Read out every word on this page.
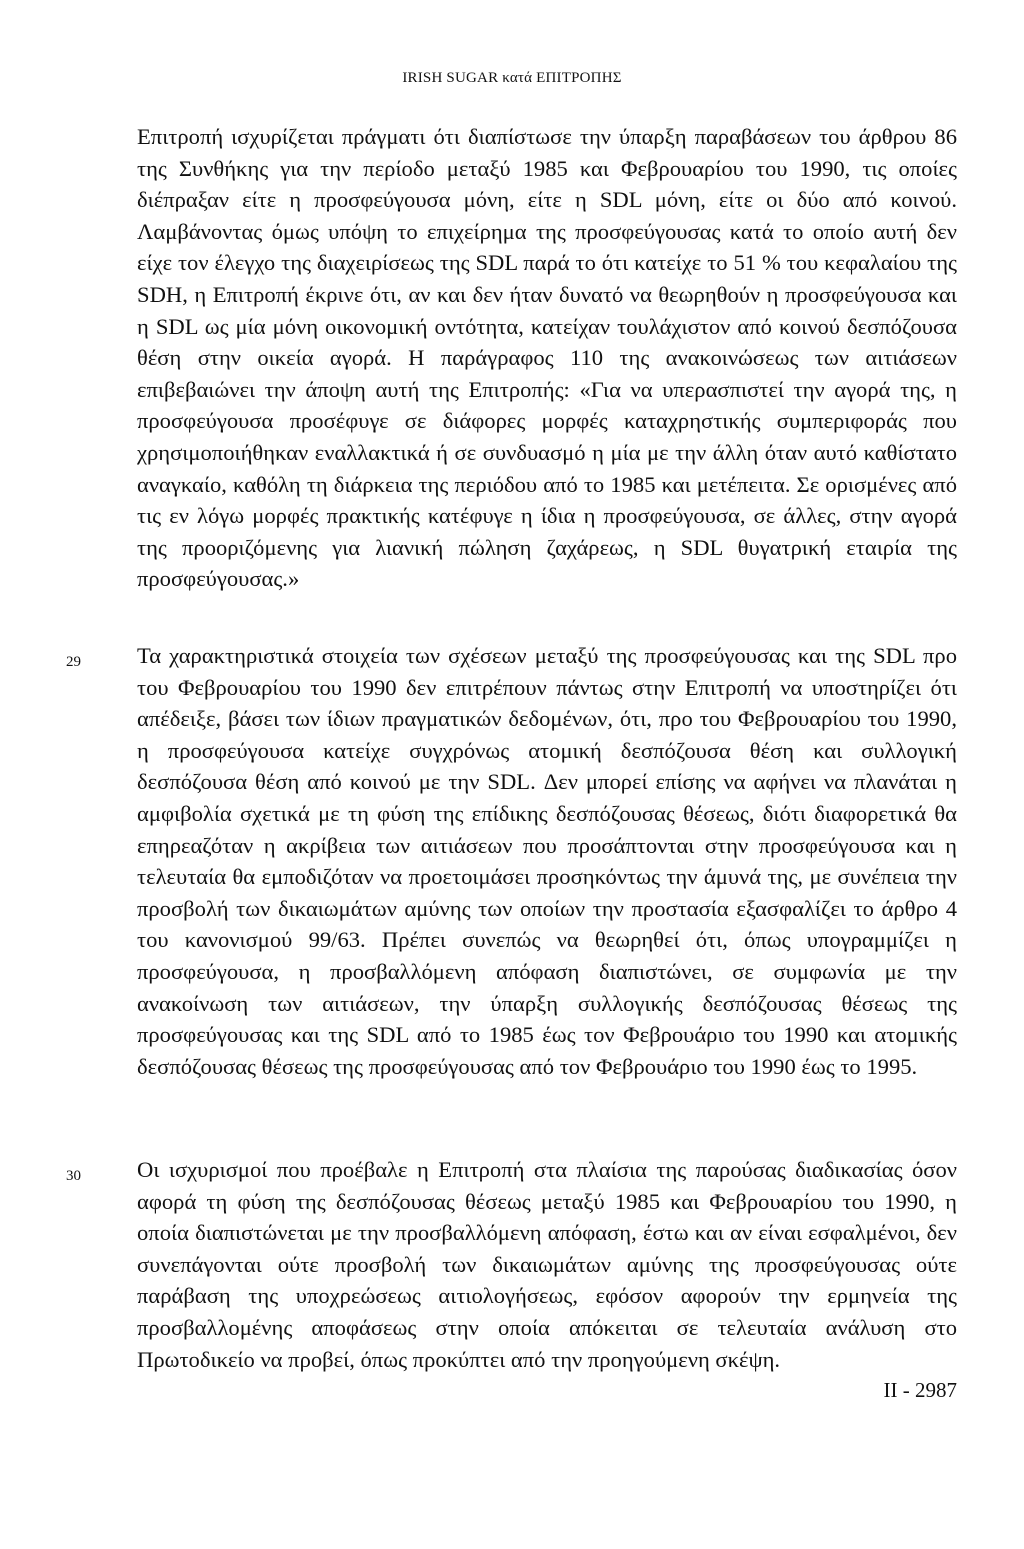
IRISH SUGAR κατά ΕΠΙΤΡΟΠΗΣ
Επιτροπή ισχυρίζεται πράγματι ότι διαπίστωσε την ύπαρξη παραβάσεων του άρθρου 86 της Συνθήκης για την περίοδο μεταξύ 1985 και Φεβρουαρίου του 1990, τις οποίες διέπραξαν είτε η προσφεύγουσα μόνη, είτε η SDL μόνη, είτε οι δύο από κοινού. Λαμβάνοντας όμως υπόψη το επιχείρημα της προσφεύγουσας κατά το οποίο αυτή δεν είχε τον έλεγχο της διαχειρίσεως της SDL παρά το ότι κατείχε το 51 % του κεφαλαίου της SDH, η Επιτροπή έκρινε ότι, αν και δεν ήταν δυνατό να θεωρηθούν η προσφεύγουσα και η SDL ως μία μόνη οικονομική οντότητα, κατείχαν τουλάχιστον από κοινού δεσπόζουσα θέση στην οικεία αγορά. Η παράγραφος 110 της ανακοινώσεως των αιτιάσεων επιβεβαιώνει την άποψη αυτή της Επιτροπής: «Για να υπερασπιστεί την αγορά της, η προσφεύγουσα προσέφυγε σε διάφορες μορφές καταχρηστικής συμπεριφοράς που χρησιμοποιήθηκαν εναλλακτικά ή σε συνδυασμό η μία με την άλλη όταν αυτό καθίστατο αναγκαίο, καθόλη τη διάρκεια της περιόδου από το 1985 και μετέπειτα. Σε ορισμένες από τις εν λόγω μορφές πρακτικής κατέφυγε η ίδια η προσφεύγουσα, σε άλλες, στην αγορά της προοριζόμενης για λιανική πώληση ζαχάρεως, η SDL θυγατρική εταιρία της προσφεύγουσας.»
29 Τα χαρακτηριστικά στοιχεία των σχέσεων μεταξύ της προσφεύγουσας και της SDL προ του Φεβρουαρίου του 1990 δεν επιτρέπουν πάντως στην Επιτροπή να υποστηρίζει ότι απέδειξε, βάσει των ίδιων πραγματικών δεδομένων, ότι, προ του Φεβρουαρίου του 1990, η προσφεύγουσα κατείχε συγχρόνως ατομική δεσπόζουσα θέση και συλλογική δεσπόζουσα θέση από κοινού με την SDL. Δεν μπορεί επίσης να αφήνει να πλανάται η αμφιβολία σχετικά με τη φύση της επίδικης δεσπόζουσας θέσεως, διότι διαφορετικά θα επηρεαζόταν η ακρίβεια των αιτιάσεων που προσάπτονται στην προσφεύγουσα και η τελευταία θα εμποδιζόταν να προετοιμάσει προσηκόντως την άμυνά της, με συνέπεια την προσβολή των δικαιωμάτων αμύνης των οποίων την προστασία εξασφαλίζει το άρθρο 4 του κανονισμού 99/63. Πρέπει συνεπώς να θεωρηθεί ότι, όπως υπογραμμίζει η προσφεύγουσα, η προσβαλλόμενη απόφαση διαπιστώνει, σε συμφωνία με την ανακοίνωση των αιτιάσεων, την ύπαρξη συλλογικής δεσπόζουσας θέσεως της προσφεύγουσας και της SDL από το 1985 έως τον Φεβρουάριο του 1990 και ατομικής δεσπόζουσας θέσεως της προσφεύγουσας από τον Φεβρουάριο του 1990 έως το 1995.
30 Οι ισχυρισμοί που προέβαλε η Επιτροπή στα πλαίσια της παρούσας διαδικασίας όσον αφορά τη φύση της δεσπόζουσας θέσεως μεταξύ 1985 και Φεβρουαρίου του 1990, η οποία διαπιστώνεται με την προσβαλλόμενη απόφαση, έστω και αν είναι εσφαλμένοι, δεν συνεπάγονται ούτε προσβολή των δικαιωμάτων αμύνης της προσφεύγουσας ούτε παράβαση της υποχρεώσεως αιτιολογήσεως, εφόσον αφορούν την ερμηνεία της προσβαλλομένης αποφάσεως στην οποία απόκειται σε τελευταία ανάλυση στο Πρωτοδικείο να προβεί, όπως προκύπτει από την προηγούμενη σκέψη.
II - 2987
